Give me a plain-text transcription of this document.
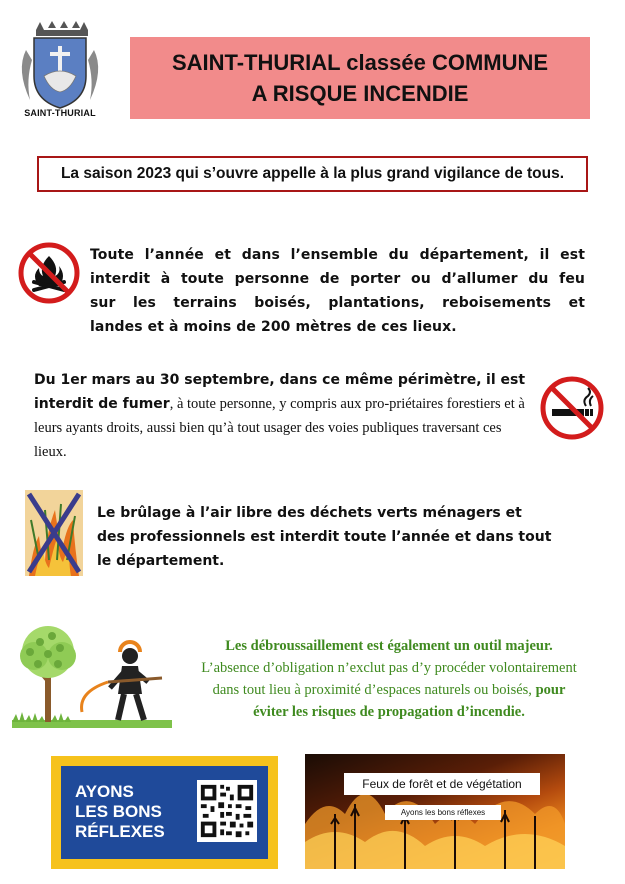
SAINT-THURIAL
SAINT-THURIAL classée COMMUNE
A RISQUE INCENDIE
La saison 2023 qui s’ouvre appelle à la plus grand vigilance de tous.
Toute l’année et dans l’ensemble du département, il est
interdit à toute personne de porter ou d’allumer du feu
sur les terrains boisés, plantations, reboisements et
landes et à moins de 200 mètres de ces lieux.
Du 1er mars au 30 septembre, dans ce même périmètre, il est interdit de fumer, à toute personne, y compris aux pro-priétaires forestiers et à leurs ayants droits, aussi bien qu’à tout usager des voies publiques traversant ces lieux.
Le brûlage à l’air libre des déchets verts ménagers et
des professionnels est interdit toute l’année et dans tout
le département.
Les débroussaillement est également un outil majeur.
L’absence d’obligation n’exclut pas d’y procéder volontairement
dans tout lieu à proximité d’espaces naturels ou boisés, pour
éviter les risques de propagation d’incendie.
AYONS
LES BONS
RÉFLEXES
Feux de forêt et de végétation
Ayons les bons réflexes
